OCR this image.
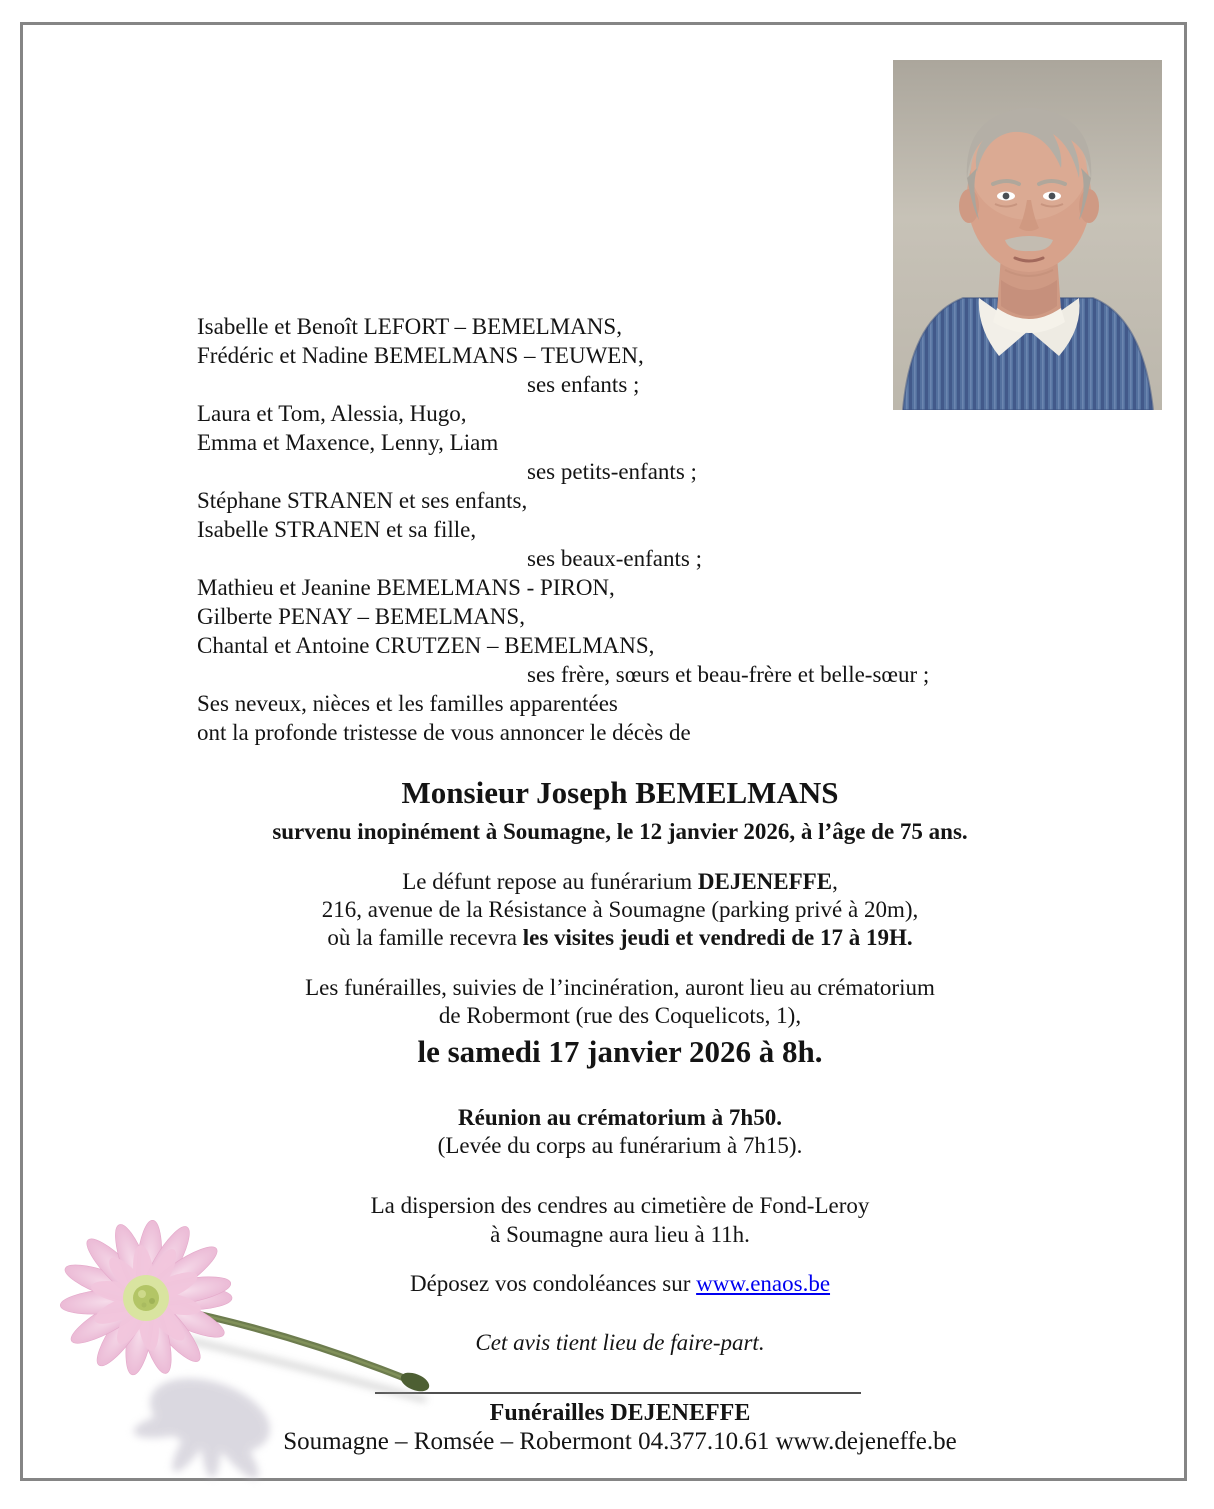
Isabelle et Benoît LEFORT – BEMELMANS,
Frédéric et Nadine BEMELMANS – TEUWEN,
ses enfants ;
Laura et Tom, Alessia, Hugo,
Emma et Maxence, Lenny, Liam
ses petits-enfants ;
Stéphane STRANEN et ses enfants,
Isabelle STRANEN et sa fille,
ses beaux-enfants ;
Mathieu et Jeanine BEMELMANS - PIRON,
Gilberte PENAY – BEMELMANS,
Chantal et Antoine CRUTZEN – BEMELMANS,
ses frère, sœurs et beau-frère et belle-sœur ;
Ses neveux, nièces et les familles apparentées
ont la profonde tristesse de vous annoncer le décès de
Monsieur Joseph BEMELMANS
survenu inopinément à Soumagne, le 12 janvier 2026, à l’âge de 75 ans.
Le défunt repose au funérarium DEJENEFFE,
216, avenue de la Résistance à Soumagne (parking privé à 20m),
où la famille recevra les visites jeudi et vendredi de 17 à 19H.
Les funérailles, suivies de l’incinération, auront lieu au crématorium
de Robermont (rue des Coquelicots, 1),
le samedi 17 janvier 2026 à 8h.
Réunion au crématorium à 7h50.
(Levée du corps au funérarium à 7h15).
La dispersion des cendres au cimetière de Fond-Leroy
à Soumagne aura lieu à 11h.
Déposez vos condoléances sur www.enaos.be
Cet avis tient lieu de faire-part.
Funérailles DEJENEFFE
Soumagne – Romsée – Robermont 04.377.10.61 www.dejeneffe.be
